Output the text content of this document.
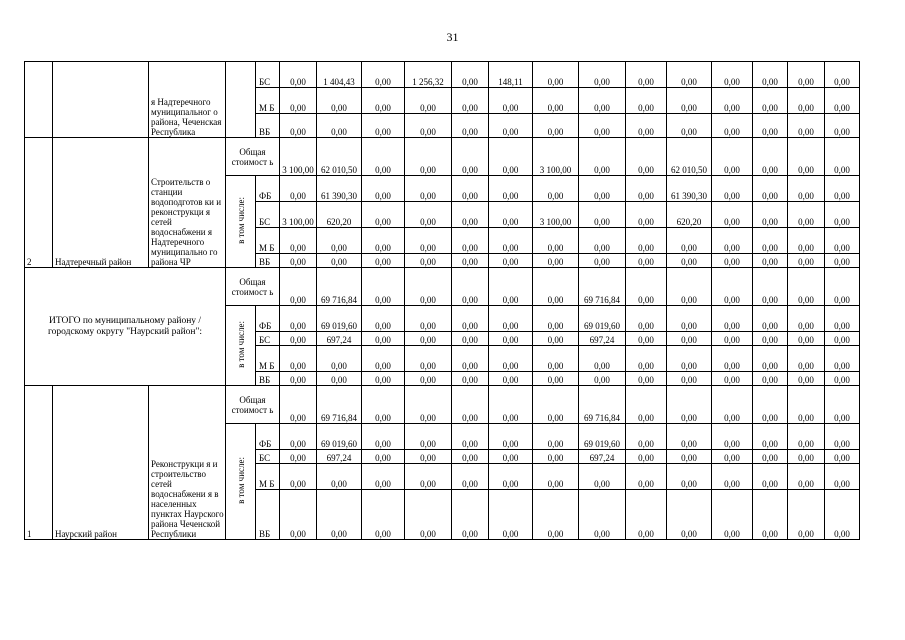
31
		я Надтеречного муниципальног о района, Чеченская Республика		БС	0,00	1 404,43	0,00	1 256,32	0,00	148,11	0,00	0,00	0,00	0,00	0,00	0,00	0,00	0,00
				М Б	0,00	0,00	0,00	0,00	0,00	0,00	0,00	0,00	0,00	0,00	0,00	0,00	0,00	0,00
				ВБ	0,00	0,00	0,00	0,00	0,00	0,00	0,00	0,00	0,00	0,00	0,00	0,00	0,00	0,00
2	Надтеречный район	Строительств о станции водоподготов ки и реконструкци я сетей водоснабжени я Надтеречного муниципально го района ЧР	Общая стоимост ь		3 100,00	62 010,50	0,00	0,00	0,00	0,00	3 100,00	0,00	0,00	62 010,50	0,00	0,00	0,00	0,00
			в том числе:	ФБ	0,00	61 390,30	0,00	0,00	0,00	0,00	0,00	0,00	0,00	61 390,30	0,00	0,00	0,00	0,00
				БС	3 100,00	620,20	0,00	0,00	0,00	0,00	3 100,00	0,00	0,00	620,20	0,00	0,00	0,00	0,00
				М Б	0,00	0,00	0,00	0,00	0,00	0,00	0,00	0,00	0,00	0,00	0,00	0,00	0,00	0,00
				ВБ	0,00	0,00	0,00	0,00	0,00	0,00	0,00	0,00	0,00	0,00	0,00	0,00	0,00	0,00
ИТОГО по муниципальному району / городскому округу "Наурский район":			Общая стоимост ь		0,00	69 716,84	0,00	0,00	0,00	0,00	0,00	69 716,84	0,00	0,00	0,00	0,00	0,00	0,00
			в том числе:	ФБ	0,00	69 019,60	0,00	0,00	0,00	0,00	0,00	69 019,60	0,00	0,00	0,00	0,00	0,00	0,00
				БС	0,00	697,24	0,00	0,00	0,00	0,00	0,00	697,24	0,00	0,00	0,00	0,00	0,00	0,00
				М Б	0,00	0,00	0,00	0,00	0,00	0,00	0,00	0,00	0,00	0,00	0,00	0,00	0,00	0,00
				ВБ	0,00	0,00	0,00	0,00	0,00	0,00	0,00	0,00	0,00	0,00	0,00	0,00	0,00	0,00
1	Наурский район	Реконструкци я и строительство сетей водоснабжени я в населенных пунктах Наурского района Чеченской Республики	Общая стоимост ь		0,00	69 716,84	0,00	0,00	0,00	0,00	0,00	69 716,84	0,00	0,00	0,00	0,00	0,00	0,00
			в том числе:	ФБ	0,00	69 019,60	0,00	0,00	0,00	0,00	0,00	69 019,60	0,00	0,00	0,00	0,00	0,00	0,00
				БС	0,00	697,24	0,00	0,00	0,00	0,00	0,00	697,24	0,00	0,00	0,00	0,00	0,00	0,00
				М Б	0,00	0,00	0,00	0,00	0,00	0,00	0,00	0,00	0,00	0,00	0,00	0,00	0,00	0,00
				ВБ	0,00	0,00	0,00	0,00	0,00	0,00	0,00	0,00	0,00	0,00	0,00	0,00	0,00	0,00
